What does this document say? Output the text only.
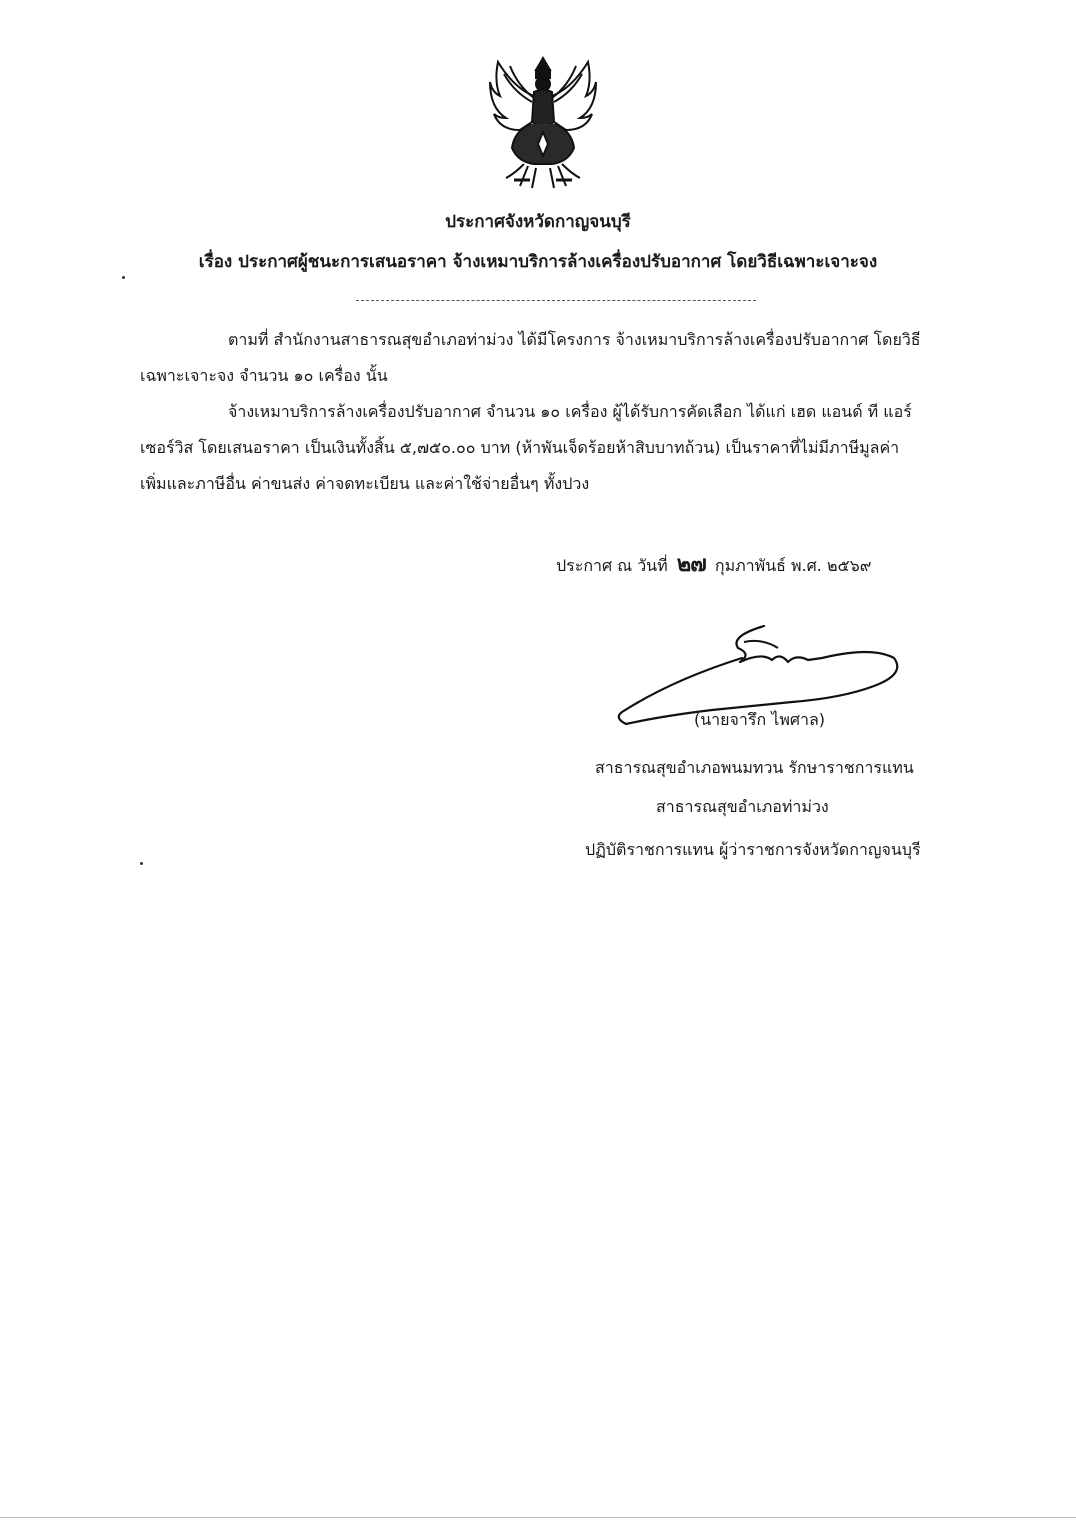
ประกาศจังหวัดกาญจนบุรี
เรื่อง ประกาศผู้ชนะการเสนอราคา จ้างเหมาบริการล้างเครื่องปรับอากาศ โดยวิธีเฉพาะเจาะจง

ตามที่ สำนักงานสาธารณสุขอำเภอท่าม่วง ได้มีโครงการ จ้างเหมาบริการล้างเครื่องปรับอากาศ โดยวิธี
เฉพาะเจาะจง จำนวน ๑๐ เครื่อง นั้น

จ้างเหมาบริการล้างเครื่องปรับอากาศ จำนวน ๑๐ เครื่อง ผู้ได้รับการคัดเลือก ได้แก่ เฮด แอนด์ ที แอร์
เซอร์วิส โดยเสนอราคา เป็นเงินทั้งสิ้น ๕,๗๕๐.๐๐ บาท (ห้าพันเจ็ดร้อยห้าสิบบาทถ้วน) เป็นราคาที่ไม่มีภาษีมูลค่า
เพิ่มและภาษีอื่น ค่าขนส่ง ค่าจดทะเบียน และค่าใช้จ่ายอื่นๆ ทั้งปวง

ประกาศ ณ วันที่ ๒๗ กุมภาพันธ์ พ.ศ. ๒๕๖๙
(นายจารึก ไพศาล)
สาธารณสุขอำเภอพนมทวน รักษาราชการแทน
สาธารณสุขอำเภอท่าม่วง
ปฏิบัติราชการแทน ผู้ว่าราชการจังหวัดกาญจนบุรี
